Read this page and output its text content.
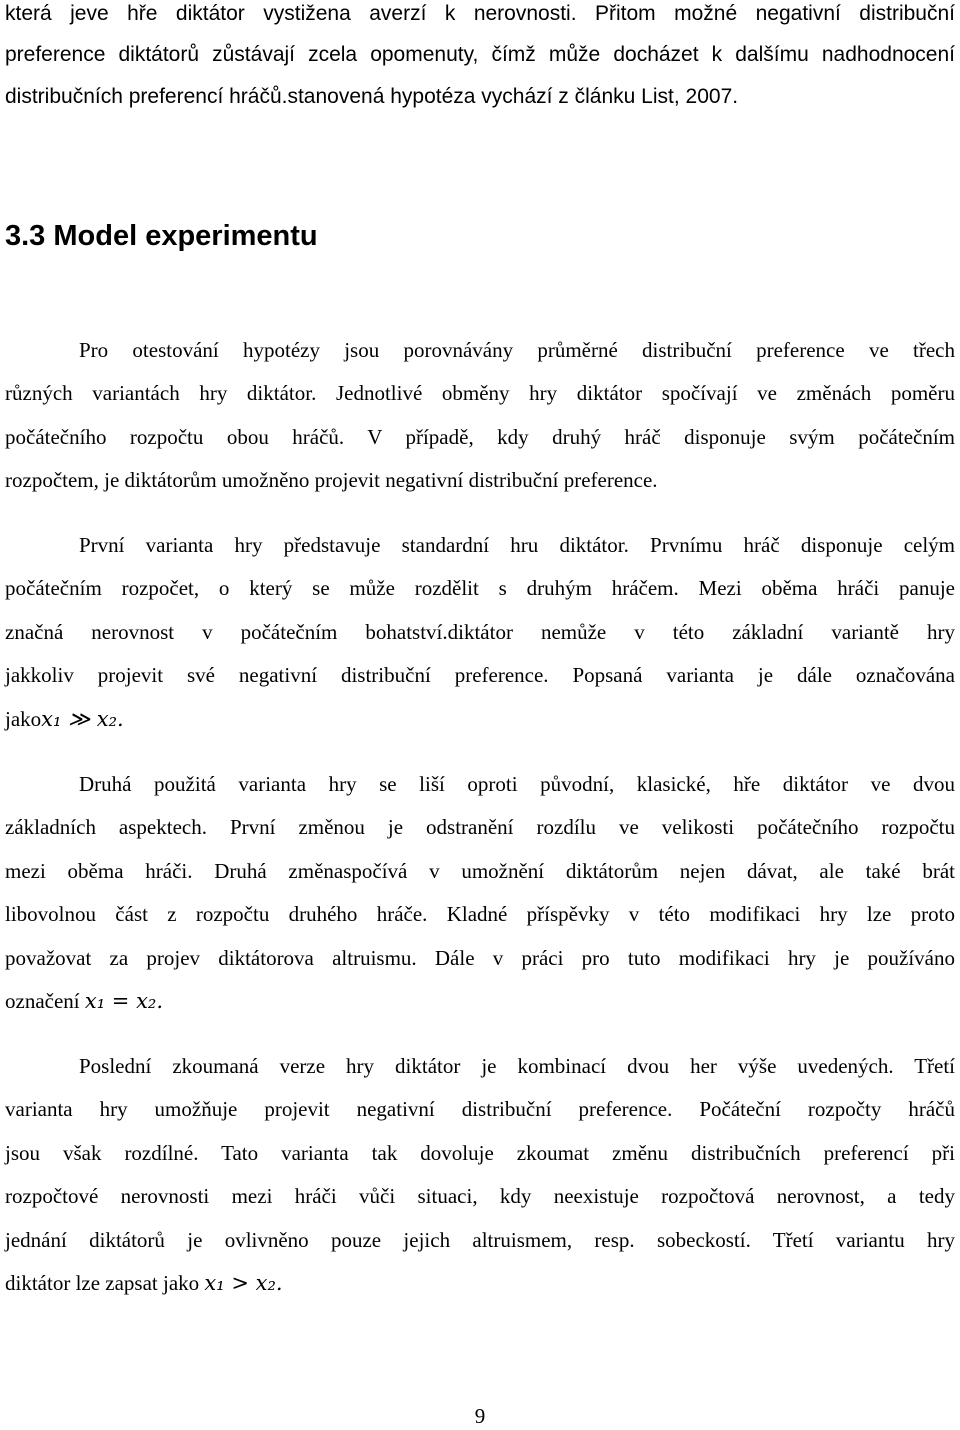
která jeve hře diktátor vystižena averzí k nerovnosti. Přitom možné negativní distribuční
preference diktátorů zůstávají zcela opomenuty, čímž může docházet k dalšímu nadhodnocení
distribučních preferencí hráčů.stanovená hypotéza vychází z článku List, 2007.
3.3 Model experimentu
Pro otestování hypotézy jsou porovnávány průměrné distribuční preference ve třech
různých variantách hry diktátor. Jednotlivé obměny hry diktátor spočívají ve změnách poměru
počátečního rozpočtu obou hráčů. V případě, kdy druhý hráč disponuje svým počátečním
rozpočtem, je diktátorům umožněno projevit negativní distribuční preference.
První varianta hry představuje standardní hru diktátor. Prvnímu hráč disponuje celým
počátečním rozpočet, o který se může rozdělit s druhým hráčem. Mezi oběma hráči panuje
značná nerovnost v počátečním bohatství.diktátor nemůže v této základní variantě hry
jakkoliv projevit své negativní distribuční preference. Popsaná varianta je dále označována
jakox₁ ≫ x₂.
Druhá použitá varianta hry se liší oproti původní, klasické, hře diktátor ve dvou
základních aspektech. První změnou je odstranění rozdílu ve velikosti počátečního rozpočtu
mezi oběma hráči. Druhá změnaspočívá v umožnění diktátorům nejen dávat, ale také brát
libovolnou část z rozpočtu druhého hráče. Kladné příspěvky v této modifikaci hry lze proto
považovat za projev diktátorova altruismu. Dále v práci pro tuto modifikaci hry je používáno
označení x₁ = x₂.
Poslední zkoumaná verze hry diktátor je kombinací dvou her výše uvedených. Třetí
varianta hry umožňuje projevit negativní distribuční preference. Počáteční rozpočty hráčů
jsou však rozdílné. Tato varianta tak dovoluje zkoumat změnu distribučních preferencí při
rozpočtové nerovnosti mezi hráči vůči situaci, kdy neexistuje rozpočtová nerovnost, a tedy
jednání diktátorů je ovlivněno pouze jejich altruismem, resp. sobeckostí. Třetí variantu hry
diktátor lze zapsat jako x₁ > x₂.
9
